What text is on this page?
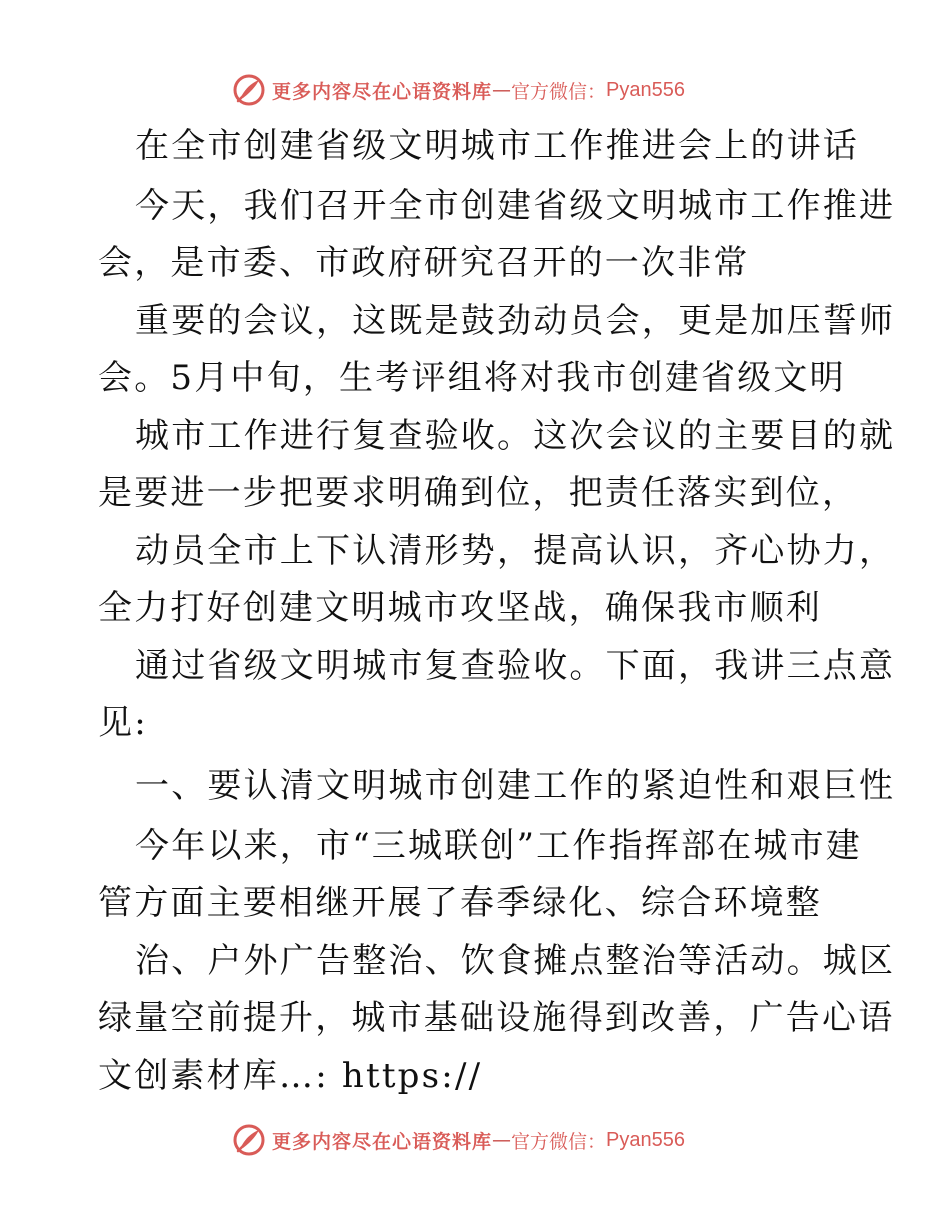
更多内容尽在心语资料库 — 官方微信： Pyan556
在全市创建省级文明城市工作推进会上的讲话
今天，我们召开全市创建省级文明城市工作推进
会，是市委、市政府研究召开的一次非常
重要的会议，这既是鼓劲动员会，更是加压誓师
会。5月中旬，生考评组将对我市创建省级文明
城市工作进行复查验收。这次会议的主要目的就
是要进一步把要求明确到位，把责任落实到位，
动员全市上下认清形势，提高认识，齐心协力，
全力打好创建文明城市攻坚战，确保我市顺利
通过省级文明城市复查验收。下面，我讲三点意
见:
一、要认清文明城市创建工作的紧迫性和艰巨性
今年以来，市“三城联创”工作指挥部在城市建
管方面主要相继开展了春季绿化、综合环境整
治、户外广告整治、饮食摊点整治等活动。城区
绿量空前提升，城市基础设施得到改善，广告心语
文创素材库…: https://
更多内容尽在心语资料库 — 官方微信： Pyan556
